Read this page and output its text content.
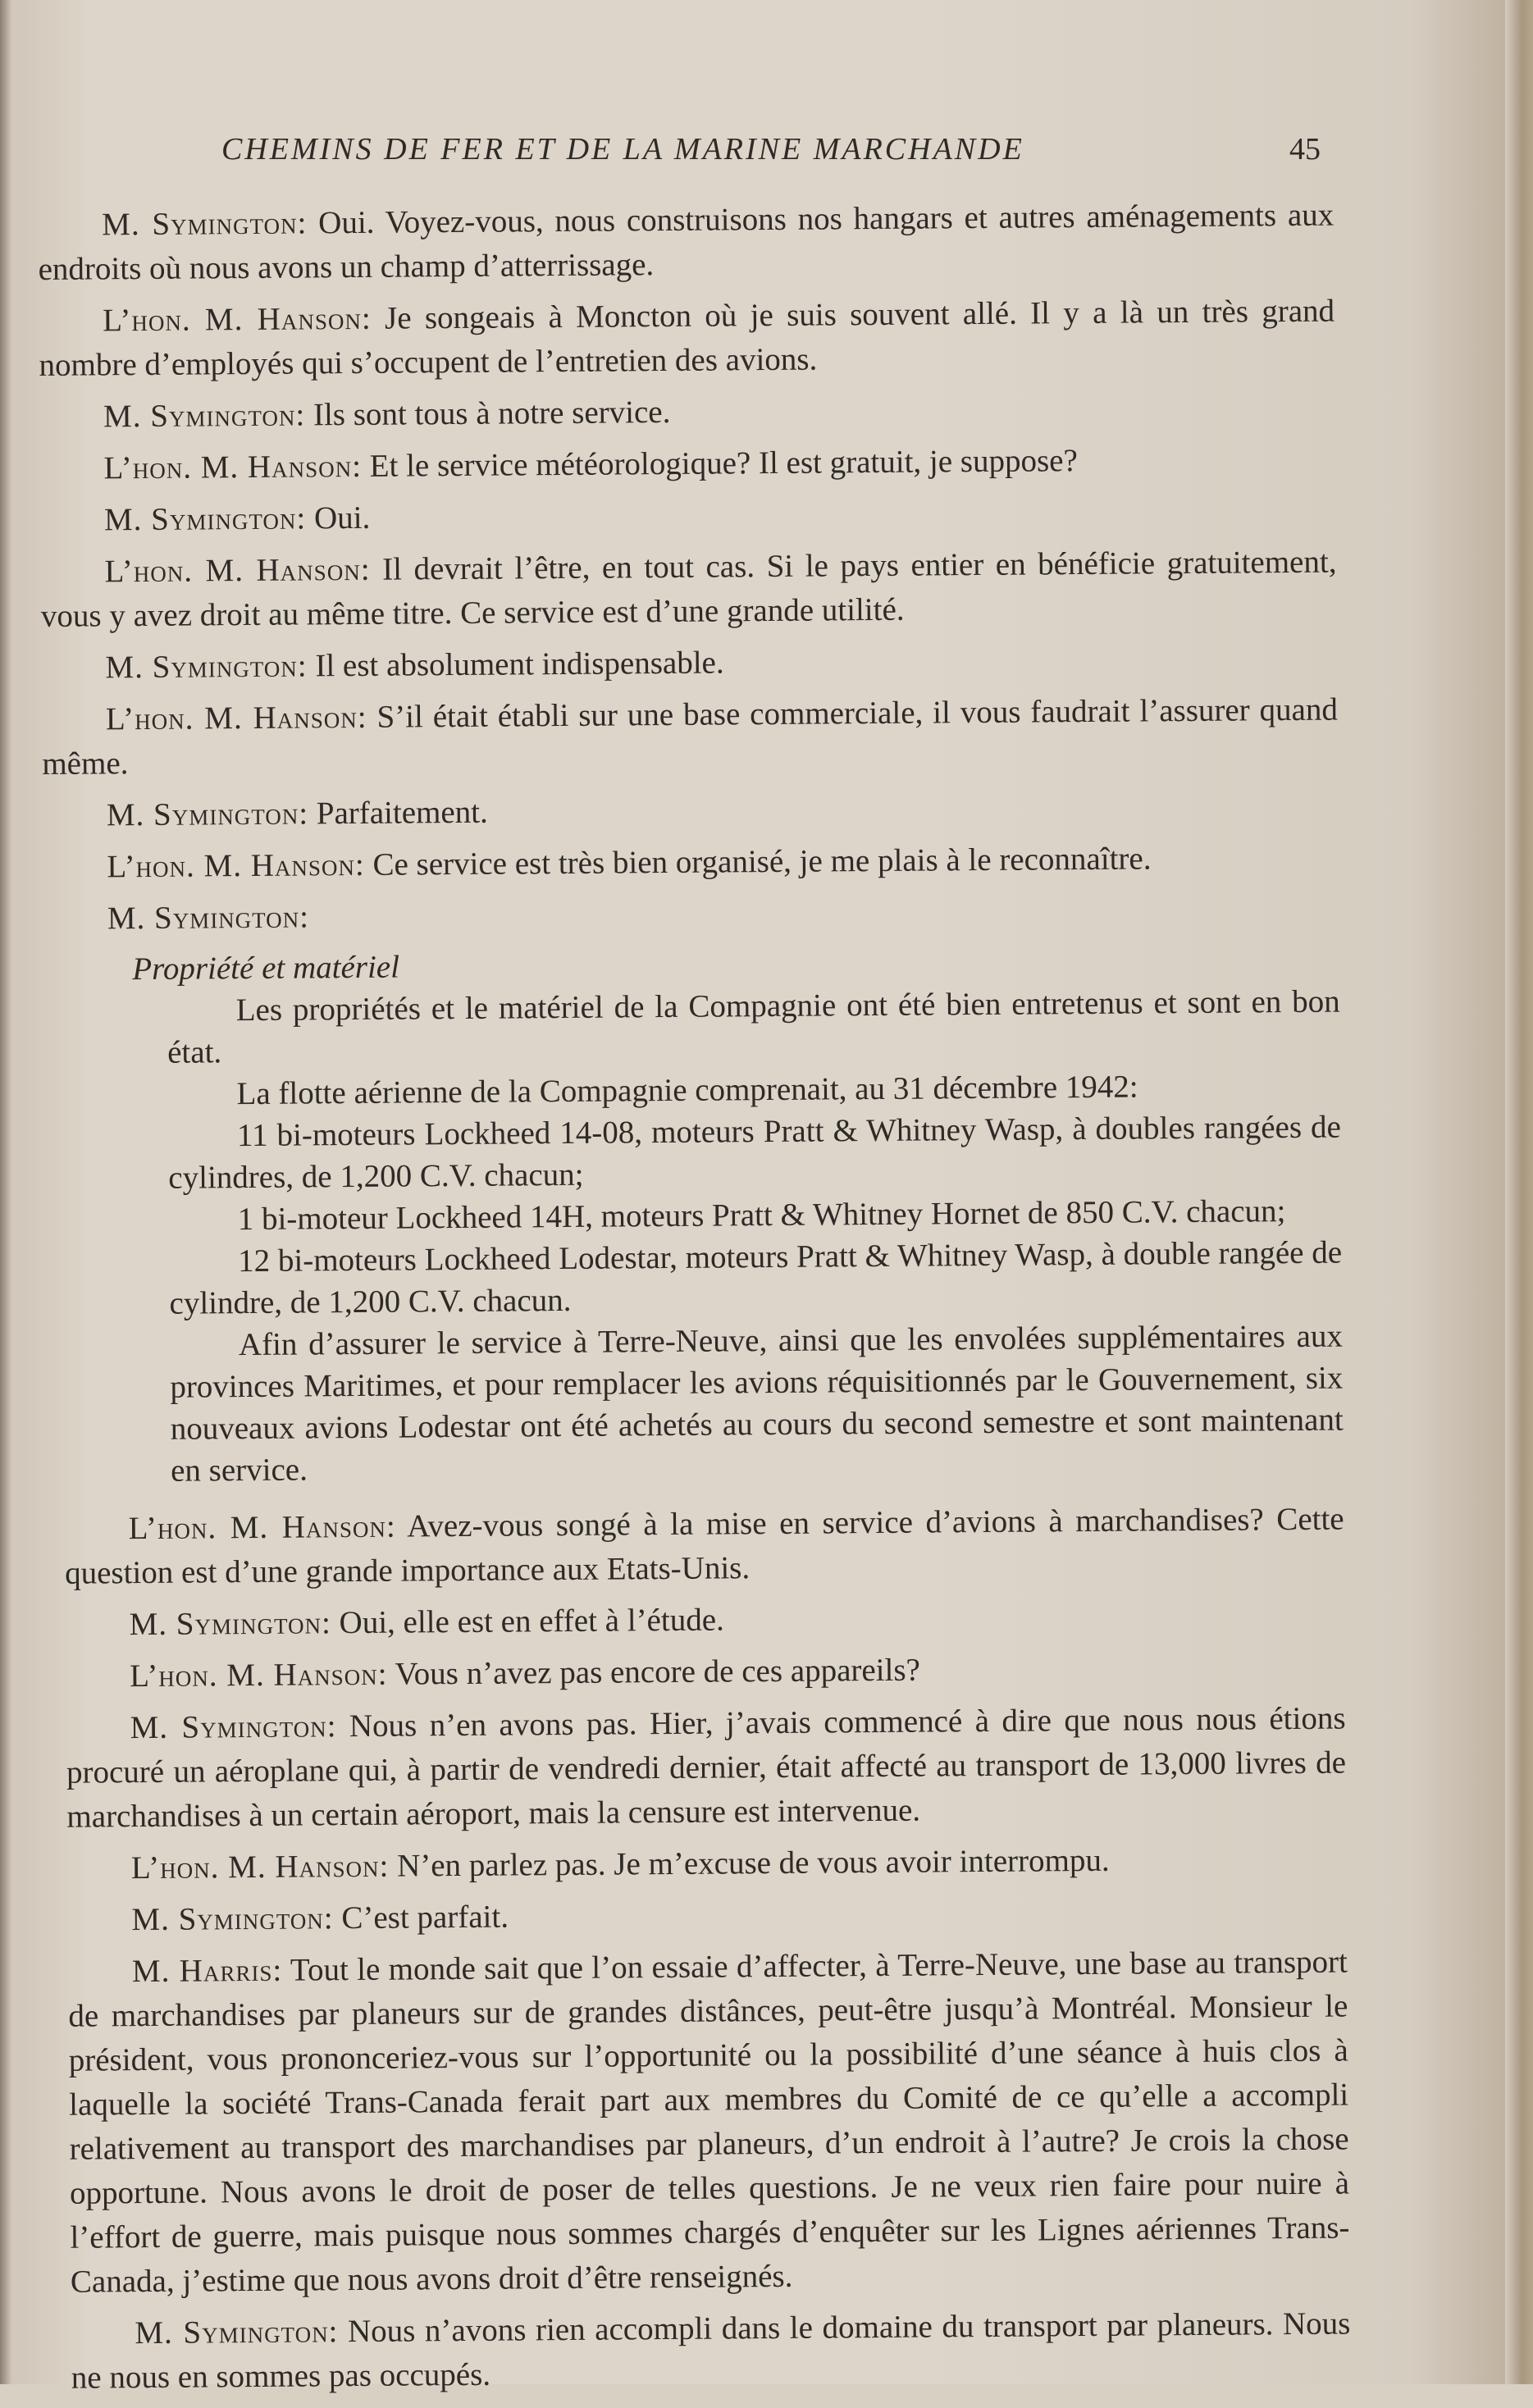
CHEMINS DE FER ET DE LA MARINE MARCHANDE	45

M. Symington: Oui. Voyez-vous, nous construisons nos hangars et autres aménagements aux endroits où nous avons un champ d’atterrissage.

L’hon. M. Hanson: Je songeais à Moncton où je suis souvent allé. Il y a là un très grand nombre d’employés qui s’occupent de l’entretien des avions.

M. Symington: Ils sont tous à notre service.

L’hon. M. Hanson: Et le service météorologique? Il est gratuit, je suppose?

M. Symington: Oui.

L’hon. M. Hanson: Il devrait l’être, en tout cas. Si le pays entier en bénéficie gratuitement, vous y avez droit au même titre. Ce service est d’une grande utilité.

M. Symington: Il est absolument indispensable.

L’hon. M. Hanson: S’il était établi sur une base commerciale, il vous faudrait l’assurer quand même.

M. Symington: Parfaitement.

L’hon. M. Hanson: Ce service est très bien organisé, je me plais à le reconnaître.

M. Symington:

Propriété et matériel

Les propriétés et le matériel de la Compagnie ont été bien entretenus et sont en bon état.

La flotte aérienne de la Compagnie comprenait, au 31 décembre 1942:

11 bi-moteurs Lockheed 14-08, moteurs Pratt & Whitney Wasp, à doubles rangées de cylindres, de 1,200 C.V. chacun;

1 bi-moteur Lockheed 14H, moteurs Pratt & Whitney Hornet de 850 C.V. chacun;

12 bi-moteurs Lockheed Lodestar, moteurs Pratt & Whitney Wasp, à double rangée de cylindre, de 1,200 C.V. chacun.

Afin d’assurer le service à Terre-Neuve, ainsi que les envolées supplémentaires aux provinces Maritimes, et pour remplacer les avions réquisitionnés par le Gouvernement, six nouveaux avions Lodestar ont été achetés au cours du second semestre et sont maintenant en service.

L’hon. M. Hanson: Avez-vous songé à la mise en service d’avions à marchandises? Cette question est d’une grande importance aux Etats-Unis.

M. Symington: Oui, elle est en effet à l’étude.

L’hon. M. Hanson: Vous n’avez pas encore de ces appareils?

M. Symington: Nous n’en avons pas. Hier, j’avais commencé à dire que nous nous étions procuré un aéroplane qui, à partir de vendredi dernier, était affecté au transport de 13,000 livres de marchandises à un certain aéroport, mais la censure est intervenue.

L’hon. M. Hanson: N’en parlez pas. Je m’excuse de vous avoir interrompu.

M. Symington: C’est parfait.

M. Harris: Tout le monde sait que l’on essaie d’affecter, à Terre-Neuve, une base au transport de marchandises par planeurs sur de grandes distânces, peut-être jusqu’à Montréal. Monsieur le président, vous prononceriez-vous sur l’opportunité ou la possibilité d’une séance à huis clos à laquelle la société Trans-Canada ferait part aux membres du Comité de ce qu’elle a accompli relativement au transport des marchandises par planeurs, d’un endroit à l’autre? Je crois la chose opportune. Nous avons le droit de poser de telles questions. Je ne veux rien faire pour nuire à l’effort de guerre, mais puisque nous sommes chargés d’enquêter sur les Lignes aériennes Trans-Canada, j’estime que nous avons droit d’être renseignés.

M. Symington: Nous n’avons rien accompli dans le domaine du transport par planeurs. Nous ne nous en sommes pas occupés.
